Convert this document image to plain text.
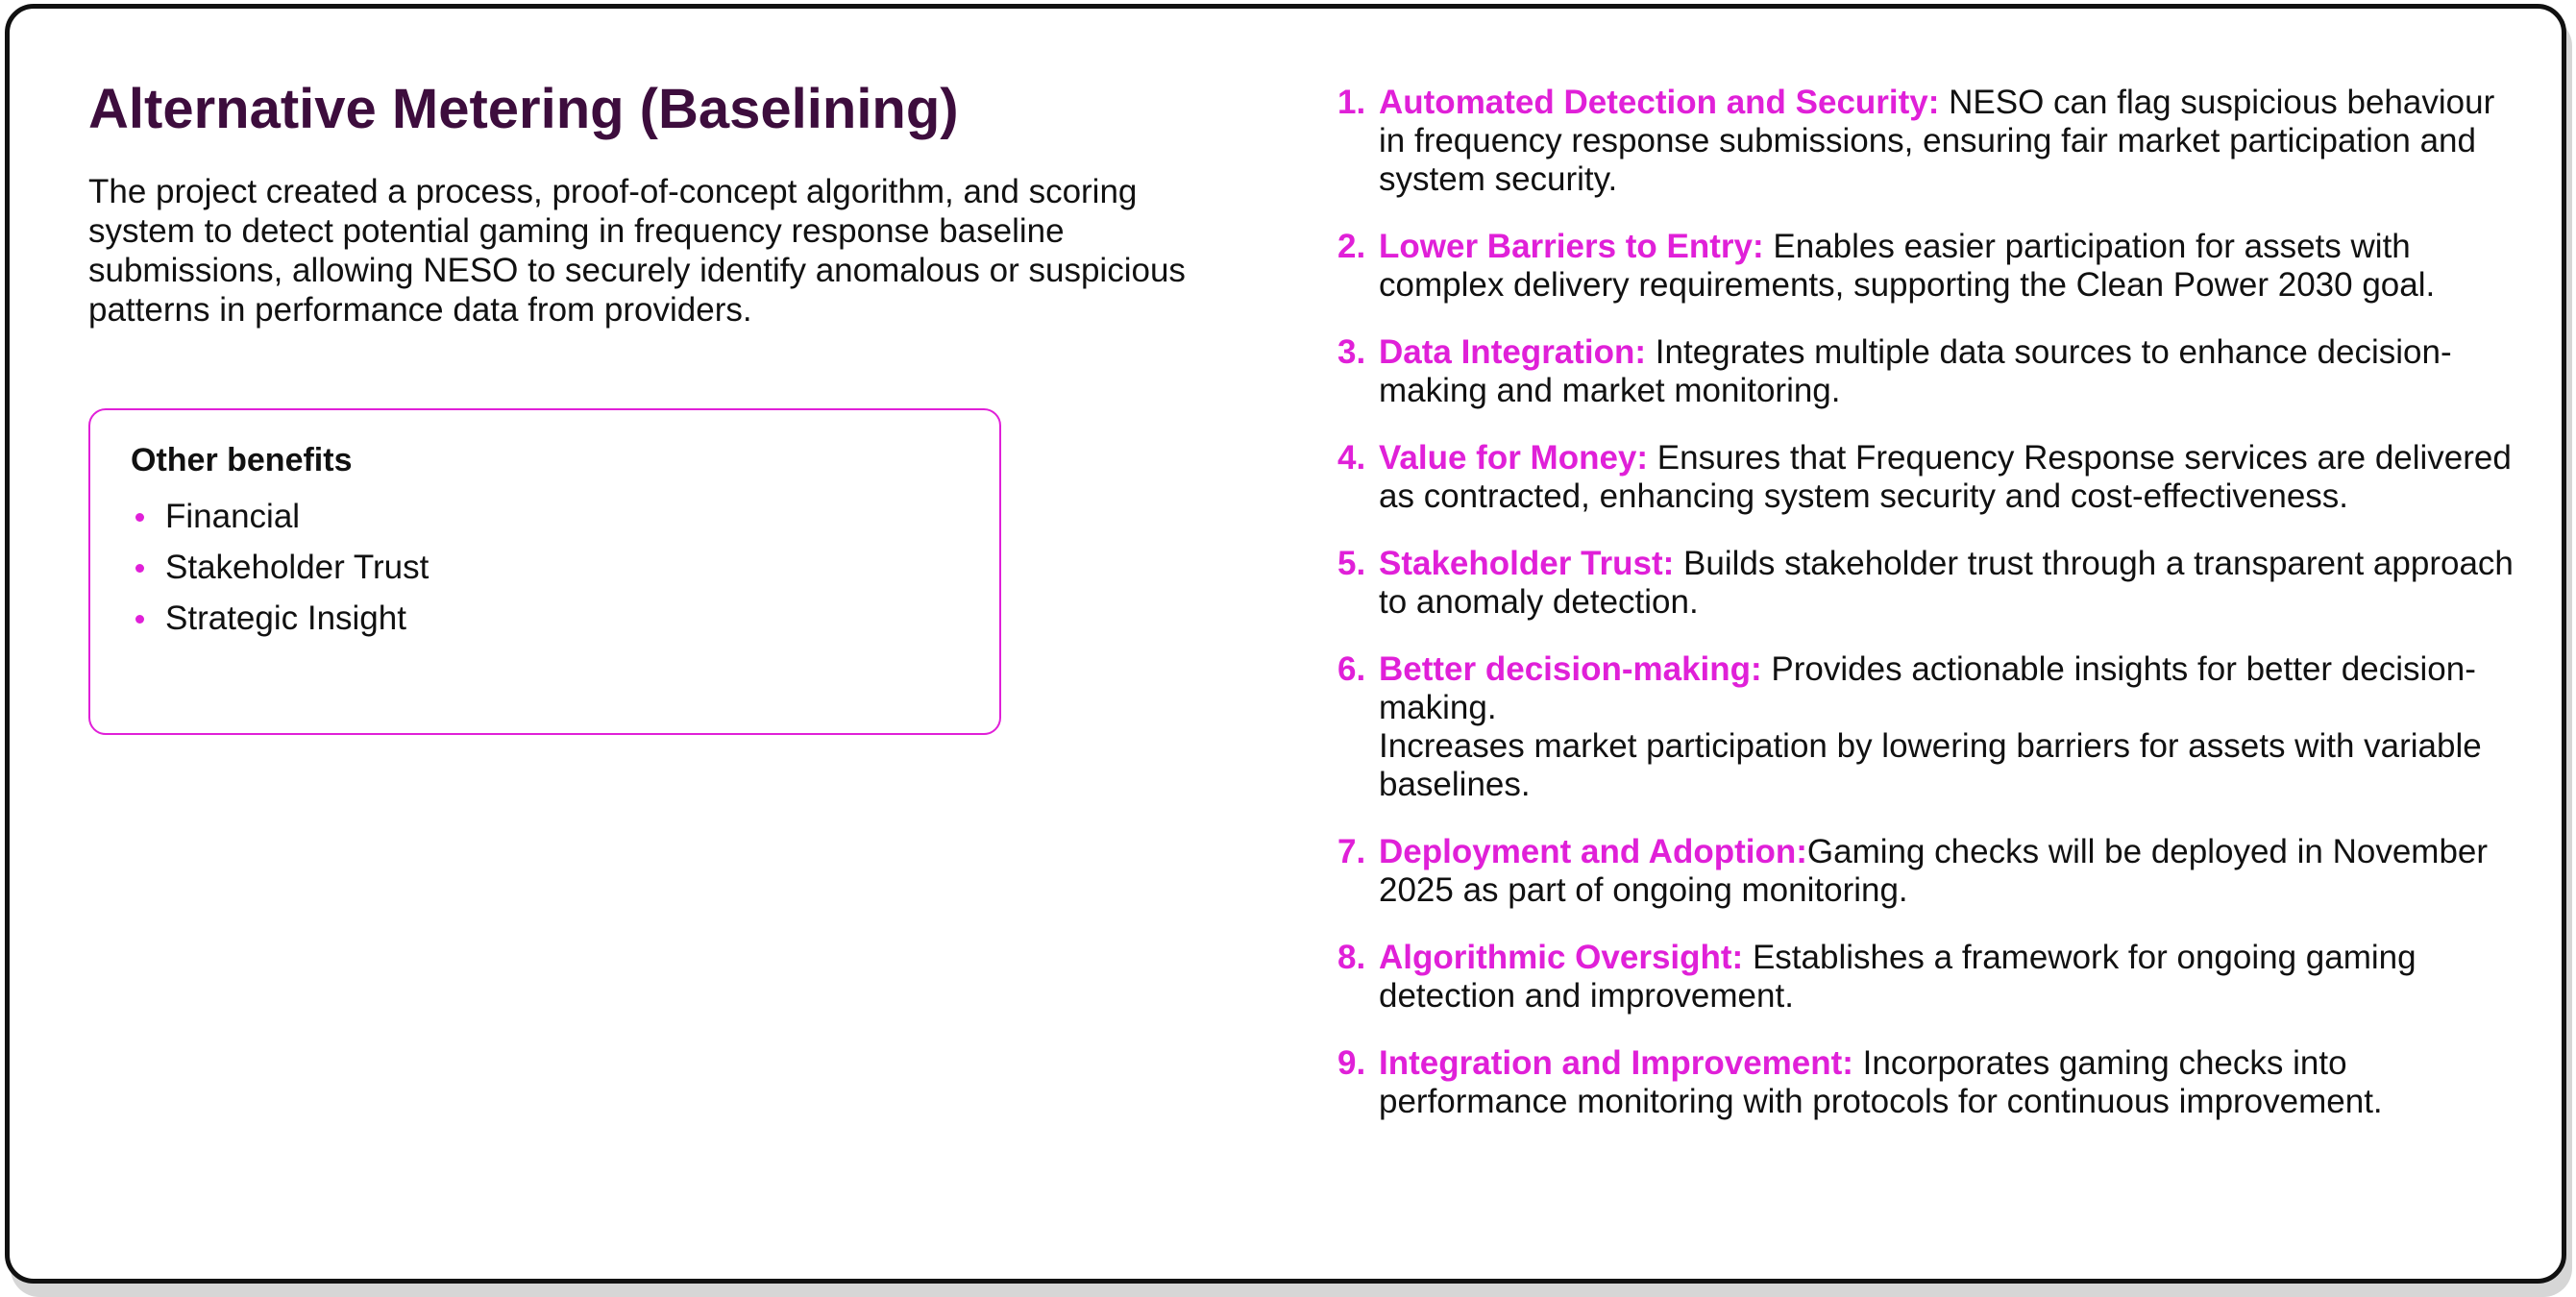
Alternative Metering (Baselining)

The project created a process, proof-of-concept algorithm, and scoring system to detect potential gaming in frequency response baseline submissions, allowing NESO to securely identify anomalous or suspicious patterns in performance data from providers.

Other benefits
Financial
Stakeholder Trust
Strategic Insight
1. Automated Detection and Security: NESO can flag suspicious behaviour in frequency response submissions, ensuring fair market participation and system security.
2. Lower Barriers to Entry: Enables easier participation for assets with complex delivery requirements, supporting the Clean Power 2030 goal.
3. Data Integration: Integrates multiple data sources to enhance decision-making and market monitoring.
4. Value for Money: Ensures that Frequency Response services are delivered as contracted, enhancing system security and cost-effectiveness.
5. Stakeholder Trust: Builds stakeholder trust through a transparent approach to anomaly detection.
6. Better decision-making: Provides actionable insights for better decision-making.
Increases market participation by lowering barriers for assets with variable baselines.
7. Deployment and Adoption:Gaming checks will be deployed in November 2025 as part of ongoing monitoring.
8. Algorithmic Oversight: Establishes a framework for ongoing gaming detection and improvement.
9. Integration and Improvement: Incorporates gaming checks into performance monitoring with protocols for continuous improvement.
